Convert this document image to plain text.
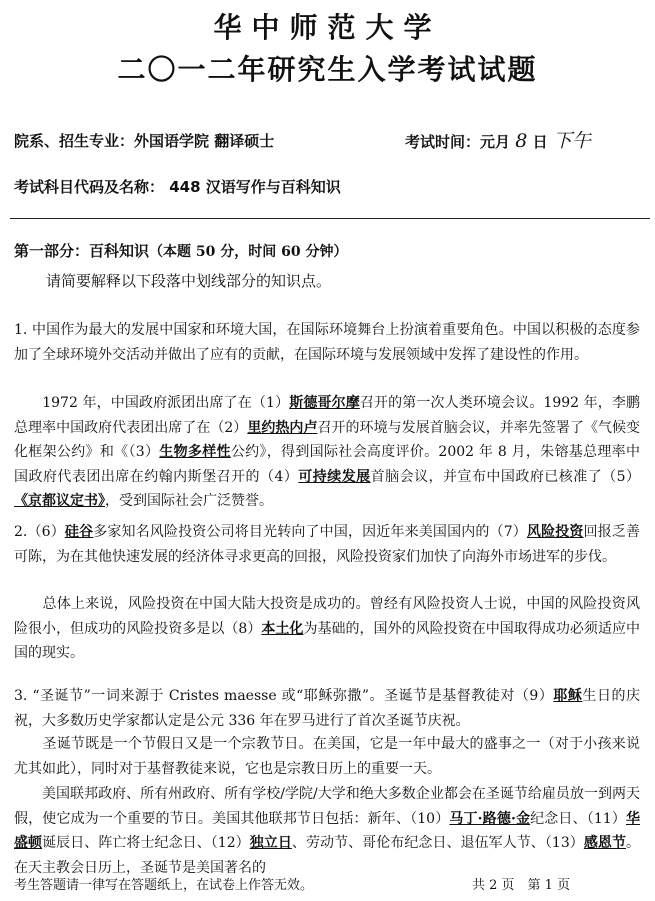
华中师范大学
二〇一二年研究生入学考试试题
院系、招生专业：外国语学院 翻译硕士	考试时间：元月 8 日 下午
考试科目代码及名称： 448 汉语写作与百科知识
第一部分：百科知识（本题 50 分，时间 60 分钟）
请简要解释以下段落中划线部分的知识点。

1. 中国作为最大的发展中国家和环境大国，在国际环境舞台上扮演着重要角色。中国以积极的态度参加了全球环境外交活动并做出了应有的贡献，在国际环境与发展领域中发挥了建设性的作用。

　　1972 年，中国政府派团出席了在（1）斯德哥尔摩召开的第一次人类环境会议。1992 年，李鹏总理率中国政府代表团出席了在（2）里约热内卢召开的环境与发展首脑会议，并率先签署了《气候变化框架公约》和《（3）生物多样性公约》，得到国际社会高度评价。2002 年 8 月，朱镕基总理率中国政府代表团出席在约翰内斯堡召开的（4）可持续发展首脑会议，并宣布中国政府已核准了（5）《京都议定书》，受到国际社会广泛赞誉。

2.（6）硅谷多家知名风险投资公司将目光转向了中国，因近年来美国国内的（7）风险投资回报乏善可陈，为在其他快速发展的经济体寻求更高的回报，风险投资家们加快了向海外市场进军的步伐。

　　总体上来说，风险投资在中国大陆大投资是成功的。曾经有风险投资人士说，中国的风险投资风险很小，但成功的风险投资多是以（8）本土化为基础的，国外的风险投资在中国取得成功必须适应中国的现实。

3. “圣诞节”一词来源于 Cristes maesse 或“耶稣弥撒”。圣诞节是基督教徒对（9）耶稣生日的庆祝，大多数历史学家都认定是公元 336 年在罗马进行了首次圣诞节庆祝。

　　圣诞节既是一个节假日又是一个宗教节日。在美国，它是一年中最大的盛事之一（对于小孩来说尤其如此），同时对于基督教徒来说，它也是宗教日历上的重要一天。

　　美国联邦政府、所有州政府、所有学校/学院/大学和绝大多数企业都会在圣诞节给雇员放一到两天假，使它成为一个重要的节日。美国其他联邦节日包括：新年、（10）马丁·路德·金纪念日、（11）华盛顿诞辰日、阵亡将士纪念日、（12）独立日、劳动节、哥伦布纪念日、退伍军人节、（13）感恩节。在天主教会日历上，圣诞节是美国著名的

考生答题请一律写在答题纸上，在试卷上作答无效。	共 2 页　第 1 页
